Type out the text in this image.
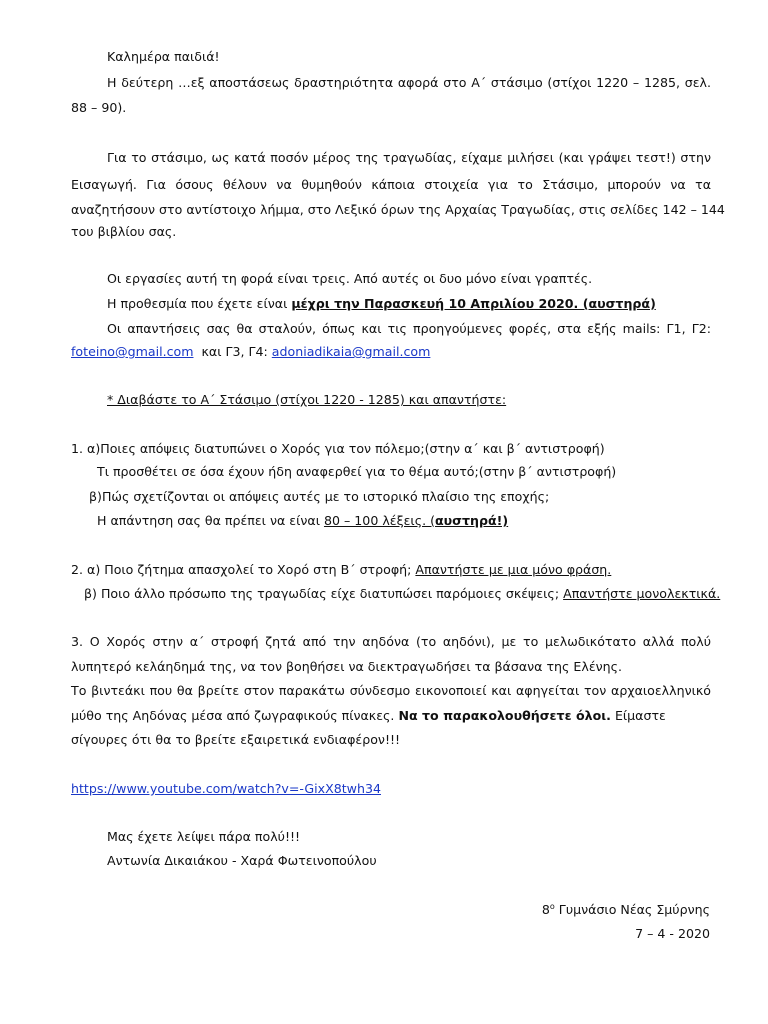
Καλημέρα παιδιά!
Η δεύτερη …εξ αποστάσεως δραστηριότητα αφορά στο Α΄ στάσιμο (στίχοι 1220 – 1285, σελ.
88 – 90).
Για το στάσιμο, ως κατά ποσόν μέρος της τραγωδίας, είχαμε μιλήσει (και γράψει τεστ!) στην
Εισαγωγή. Για όσους θέλουν να θυμηθούν κάποια στοιχεία για το Στάσιμο, μπορούν να τα
αναζητήσουν στο αντίστοιχο λήμμα, στο Λεξικό όρων της Αρχαίας Τραγωδίας, στις σελίδες 142 – 144
του βιβλίου σας.
Οι εργασίες αυτή τη φορά είναι τρεις. Από αυτές οι δυο μόνο είναι γραπτές.
Η προθεσμία που έχετε είναι μέχρι την Παρασκευή 10 Απριλίου 2020. (αυστηρά)
Οι απαντήσεις σας θα σταλούν, όπως και τις προηγούμενες φορές, στα εξής mails: Γ1, Γ2:
foteino@gmail.com  και Γ3, Γ4: adoniadikaia@gmail.com
* Διαβάστε το Α΄ Στάσιμο (στίχοι 1220 - 1285) και απαντήστε:
1. α)Ποιες απόψεις διατυπώνει ο Χορός για τον πόλεμο;(στην α΄ και β΄ αντιστροφή)
Τι προσθέτει σε όσα έχουν ήδη αναφερθεί για το θέμα αυτό;(στην β΄ αντιστροφή)
β)Πώς σχετίζονται οι απόψεις αυτές με το ιστορικό πλαίσιο της εποχής;
Η απάντηση σας θα πρέπει να είναι 80 – 100 λέξεις. (αυστηρά!)
2. α) Ποιο ζήτημα απασχολεί το Χορό στη Β΄ στροφή; Απαντήστε με μια μόνο φράση.
β) Ποιο άλλο πρόσωπο της τραγωδίας είχε διατυπώσει παρόμοιες σκέψεις; Απαντήστε μονολεκτικά.
3. Ο Χορός στην α΄ στροφή ζητά από την αηδόνα (το αηδόνι), με το μελωδικότατο αλλά πολύ
λυπητερό κελάηδημά της, να τον βοηθήσει να διεκτραγωδήσει τα βάσανα της Ελένης.
Το βιντεάκι που θα βρείτε στον παρακάτω σύνδεσμο εικονοποιεί και αφηγείται τον αρχαιοελληνικό
μύθο της Αηδόνας μέσα από ζωγραφικούς πίνακες. Να το παρακολουθήσετε όλοι. Είμαστε
σίγουρες ότι θα το βρείτε εξαιρετικά ενδιαφέρον!!!
https://www.youtube.com/watch?v=-GixX8twh34
Μας έχετε λείψει πάρα πολύ!!!
Αντωνία Δικαιάκου - Χαρά Φωτεινοπούλου
$8^o$ Γυμνάσιο Νέας Σμύρνης
7 – 4 - 2020
